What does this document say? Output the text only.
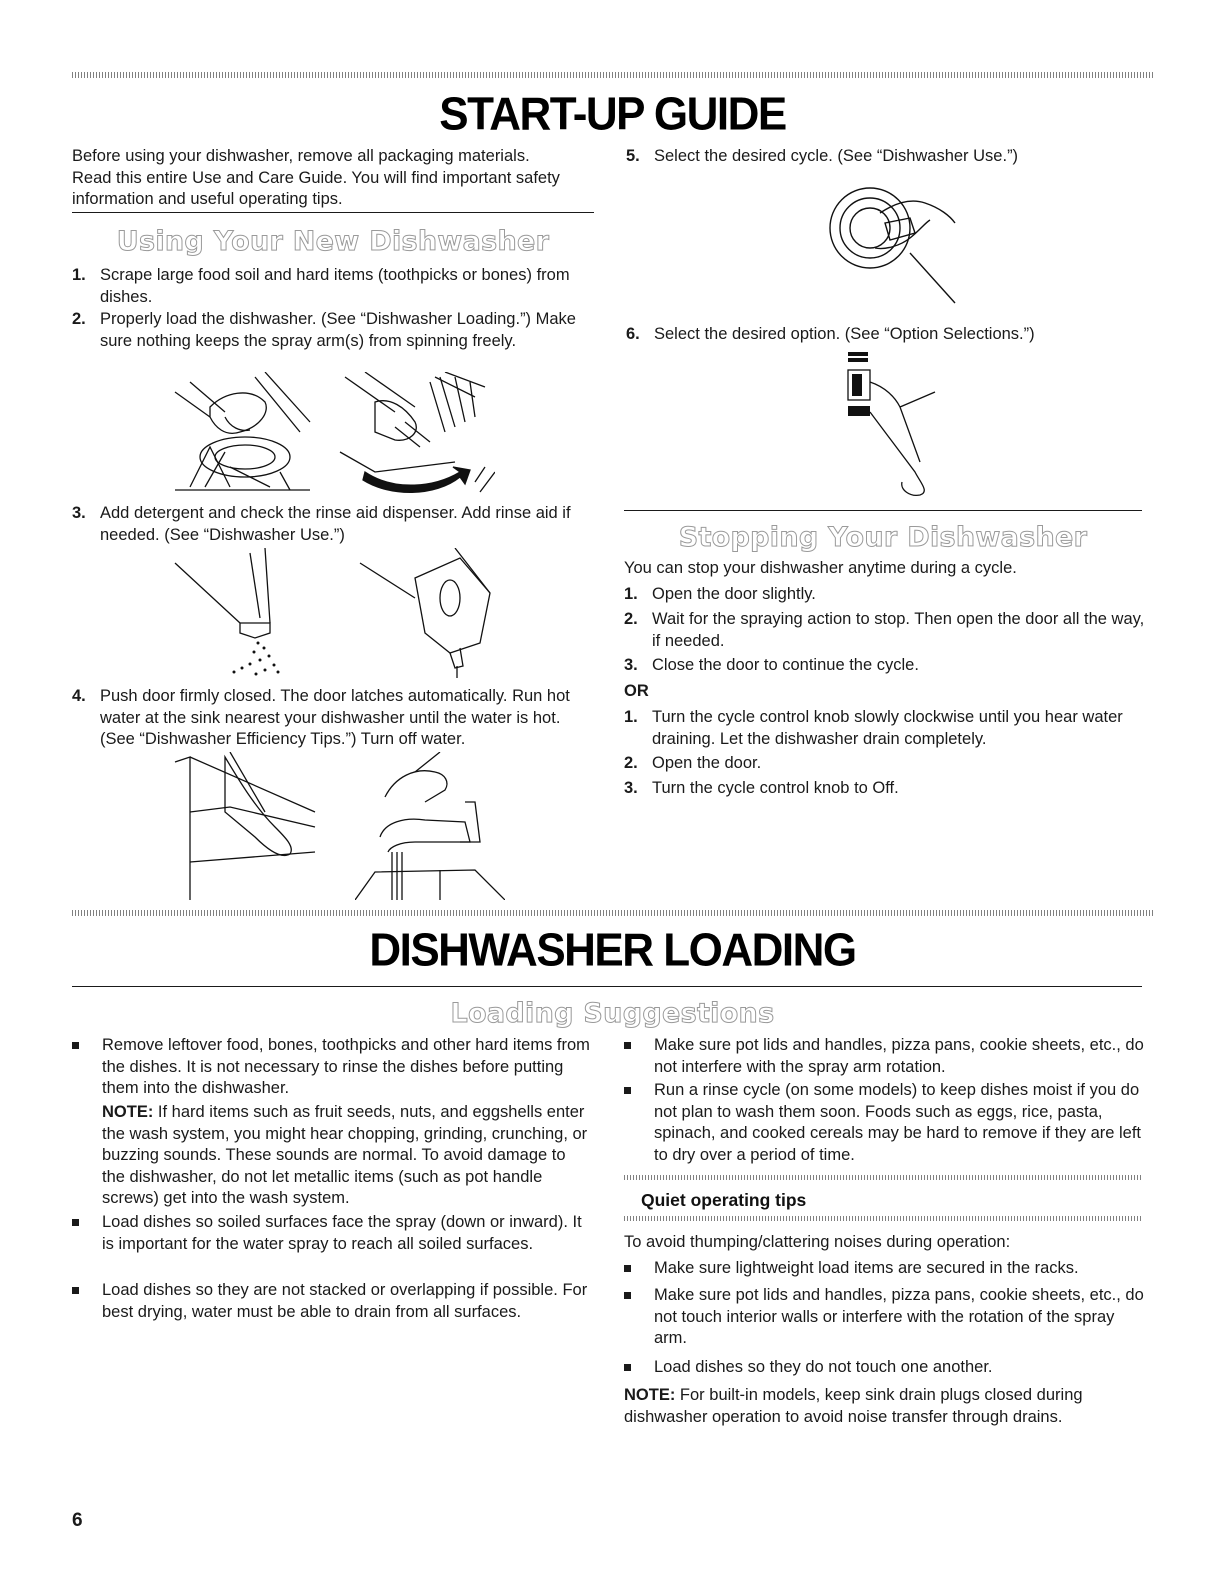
START-UP GUIDE

Before using your dishwasher, remove all packaging materials. Read this entire Use and Care Guide. You will find important safety information and useful operating tips.

Using Your New Dishwasher
1. Scrape large food soil and hard items (toothpicks or bones) from dishes.
2. Properly load the dishwasher. (See “Dishwasher Loading.”) Make sure nothing keeps the spray arm(s) from spinning freely.
3. Add detergent and check the rinse aid dispenser. Add rinse aid if needed. (See “Dishwasher Use.”)
4. Push door firmly closed. The door latches automatically. Run hot water at the sink nearest your dishwasher until the water is hot. (See “Dishwasher Efficiency Tips.”) Turn off water.
5. Select the desired cycle. (See “Dishwasher Use.”)
6. Select the desired option. (See “Option Selections.”)
Stopping Your Dishwasher

You can stop your dishwasher anytime during a cycle.

1. Open the door slightly.
2. Wait for the spraying action to stop. Then open the door all the way, if needed.
3. Close the door to continue the cycle.
OR
1. Turn the cycle control knob slowly clockwise until you hear water draining. Let the dishwasher drain completely.
2. Open the door.
3. Turn the cycle control knob to Off.
DISHWASHER LOADING
Loading Suggestions
Remove leftover food, bones, toothpicks and other hard items from the dishes. It is not necessary to rinse the dishes before putting them into the dishwasher.
NOTE: If hard items such as fruit seeds, nuts, and eggshells enter the wash system, you might hear chopping, grinding, crunching, or buzzing sounds. These sounds are normal. To avoid damage to the dishwasher, do not let metallic items (such as pot handle screws) get into the wash system.
Load dishes so soiled surfaces face the spray (down or inward). It is important for the water spray to reach all soiled surfaces.
Load dishes so they are not stacked or overlapping if possible. For best drying, water must be able to drain from all surfaces.
Make sure pot lids and handles, pizza pans, cookie sheets, etc., do not interfere with the spray arm rotation.
Run a rinse cycle (on some models) to keep dishes moist if you do not plan to wash them soon. Foods such as eggs, rice, pasta, spinach, and cooked cereals may be hard to remove if they are left to dry over a period of time.
Quiet operating tips

To avoid thumping/clattering noises during operation:

Make sure lightweight load items are secured in the racks.
Make sure pot lids and handles, pizza pans, cookie sheets, etc., do not touch interior walls or interfere with the rotation of the spray arm.
Load dishes so they do not touch one another.
NOTE: For built-in models, keep sink drain plugs closed during dishwasher operation to avoid noise transfer through drains.
6
